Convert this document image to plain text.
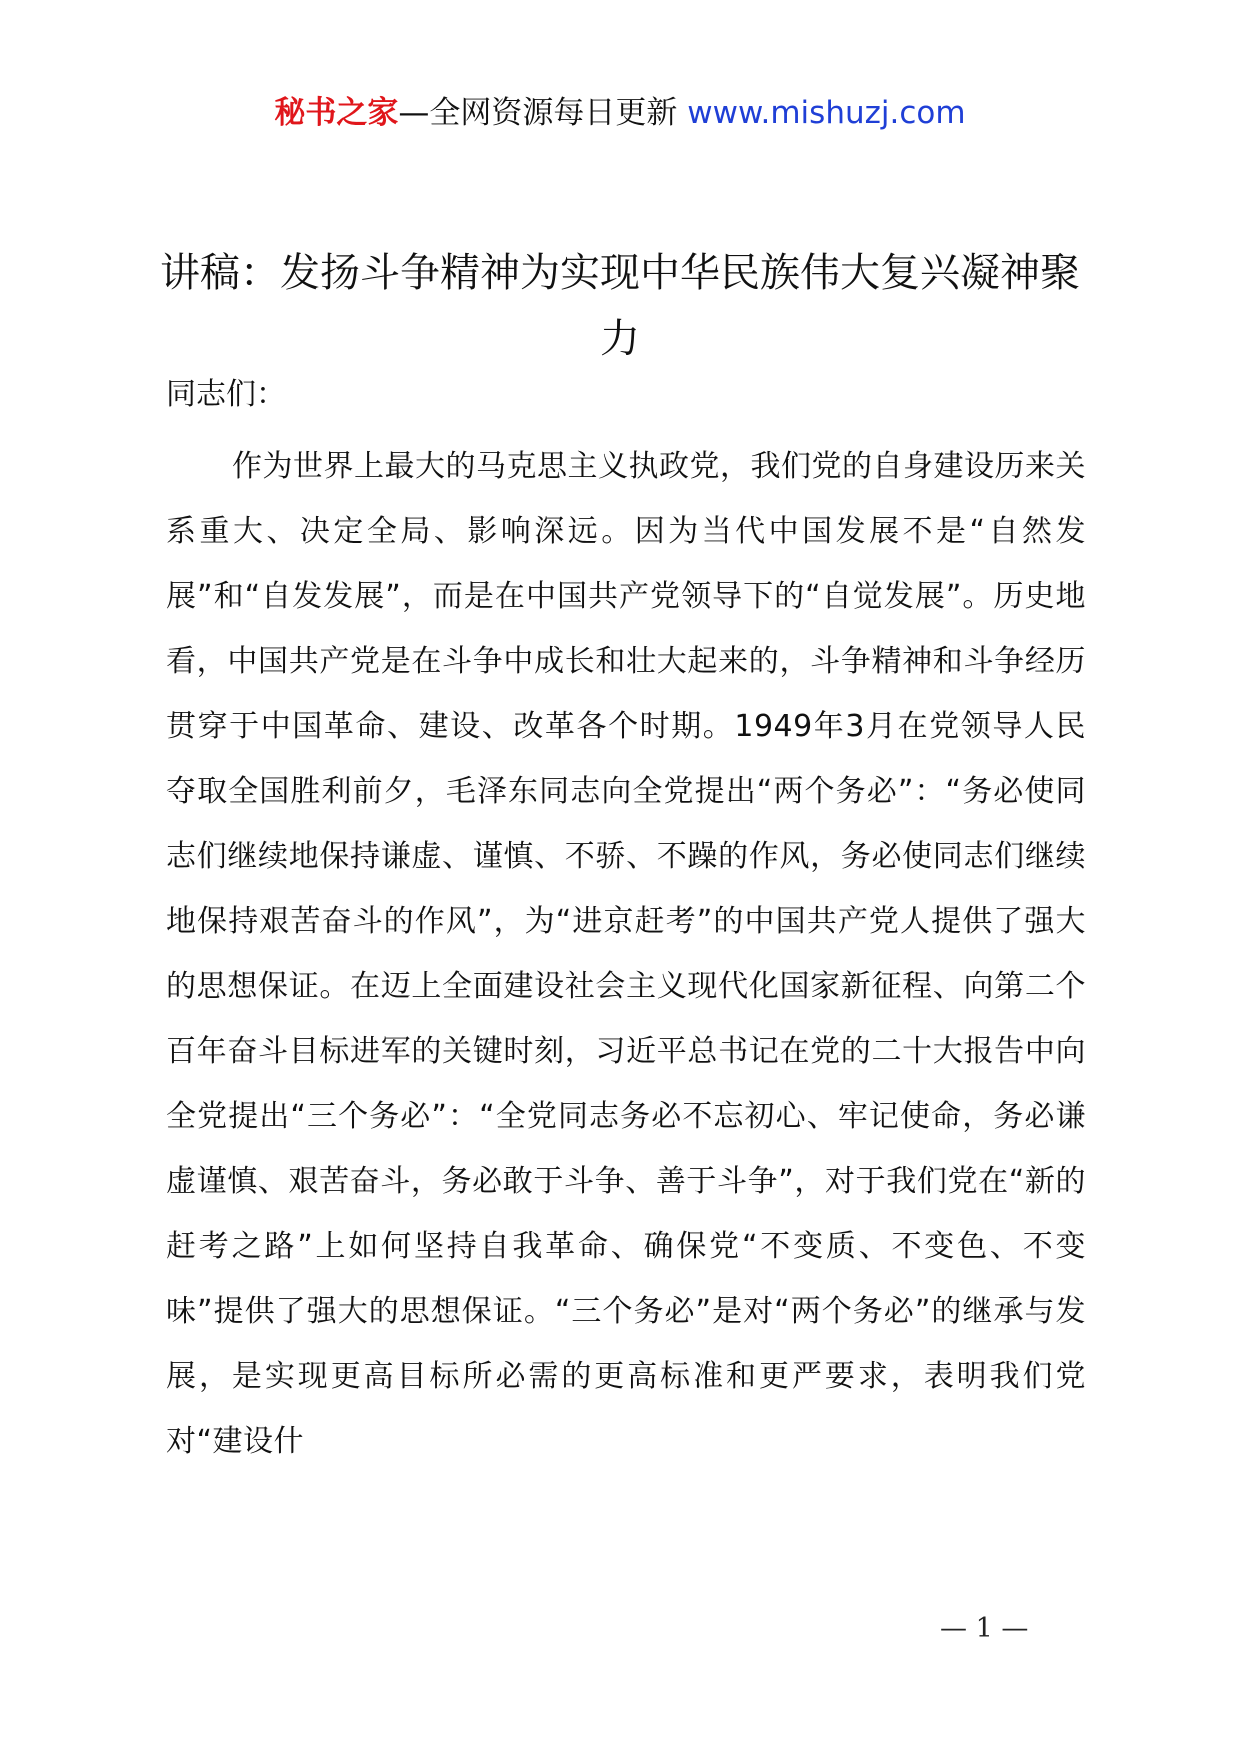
秘书之家—全网资源每日更新 www.mishuzj.com
讲稿：发扬斗争精神为实现中华民族伟大复兴凝神聚力
同志们：

作为世界上最大的马克思主义执政党，我们党的自身建设历来关系重大、决定全局、影响深远。因为当代中国发展不是“自然发展”和“自发发展”，而是在中国共产党领导下的“自觉发展”。历史地看，中国共产党是在斗争中成长和壮大起来的，斗争精神和斗争经历贯穿于中国革命、建设、改革各个时期。1949年3月在党领导人民夺取全国胜利前夕，毛泽东同志向全党提出“两个务必”：“务必使同志们继续地保持谦虚、谨慎、不骄、不躁的作风，务必使同志们继续地保持艰苦奋斗的作风”，为“进京赶考”的中国共产党人提供了强大的思想保证。在迈上全面建设社会主义现代化国家新征程、向第二个百年奋斗目标进军的关键时刻，习近平总书记在党的二十大报告中向全党提出“三个务必”：“全党同志务必不忘初心、牢记使命，务必谦虚谨慎、艰苦奋斗，务必敢于斗争、善于斗争”，对于我们党在“新的赶考之路”上如何坚持自我革命、确保党“不变质、不变色、不变味”提供了强大的思想保证。“三个务必”是对“两个务必”的继承与发展，是实现更高目标所必需的更高标准和更严要求，表明我们党对“建设什

— 1 —
